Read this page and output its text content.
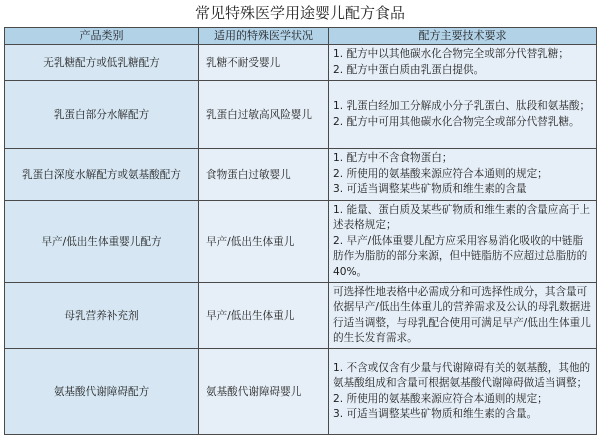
常见特殊医学用途婴儿配方食品
产品类别	适用的特殊医学状况	配方主要技术要求
无乳糖配方或低乳糖配方	乳糖不耐受婴儿	1. 配方中以其他碳水化合物完全或部分代替乳糖；
2. 配方中蛋白质由乳蛋白提供。

乳蛋白部分水解配方	乳蛋白过敏高风险婴儿	1. 乳蛋白经加工分解成小分子乳蛋白、肽段和氨基酸；
2. 配方中可用其他碳水化合物完全或部分代替乳糖。

乳蛋白深度水解配方或氨基酸配方	食物蛋白过敏婴儿	1. 配方中不含食物蛋白；
2. 所使用的氨基酸来源应符合本通则的规定；
3. 可适当调整某些矿物质和维生素的含量

早产/低出生体重婴儿配方	早产/低出生体重儿	1. 能量、蛋白质及某些矿物质和维生素的含量应高于上述表格规定；
2. 早产/低体重婴儿配方应采用容易消化吸收的中链脂肪作为脂肪的部分来源，但中链脂肪不应超过总脂肪的 40%。

母乳营养补充剂	早产/低出生体重儿	可选择性地表格中必需成分和可选择性成分，其含量可依据早产/低出生体重儿的营养需求及公认的母乳数据进行适当调整，与母乳配合使用可满足早产/低出生体重儿的生长发育需求。

氨基酸代谢障碍配方	氨基酸代谢障碍婴儿	1. 不含或仅含有少量与代谢障碍有关的氨基酸，其他的氨基酸组成和含量可根据氨基酸代谢障碍做适当调整；
2. 所使用的氨基酸来源应符合本通则的规定；
3. 可适当调整某些矿物质和维生素的含量。
